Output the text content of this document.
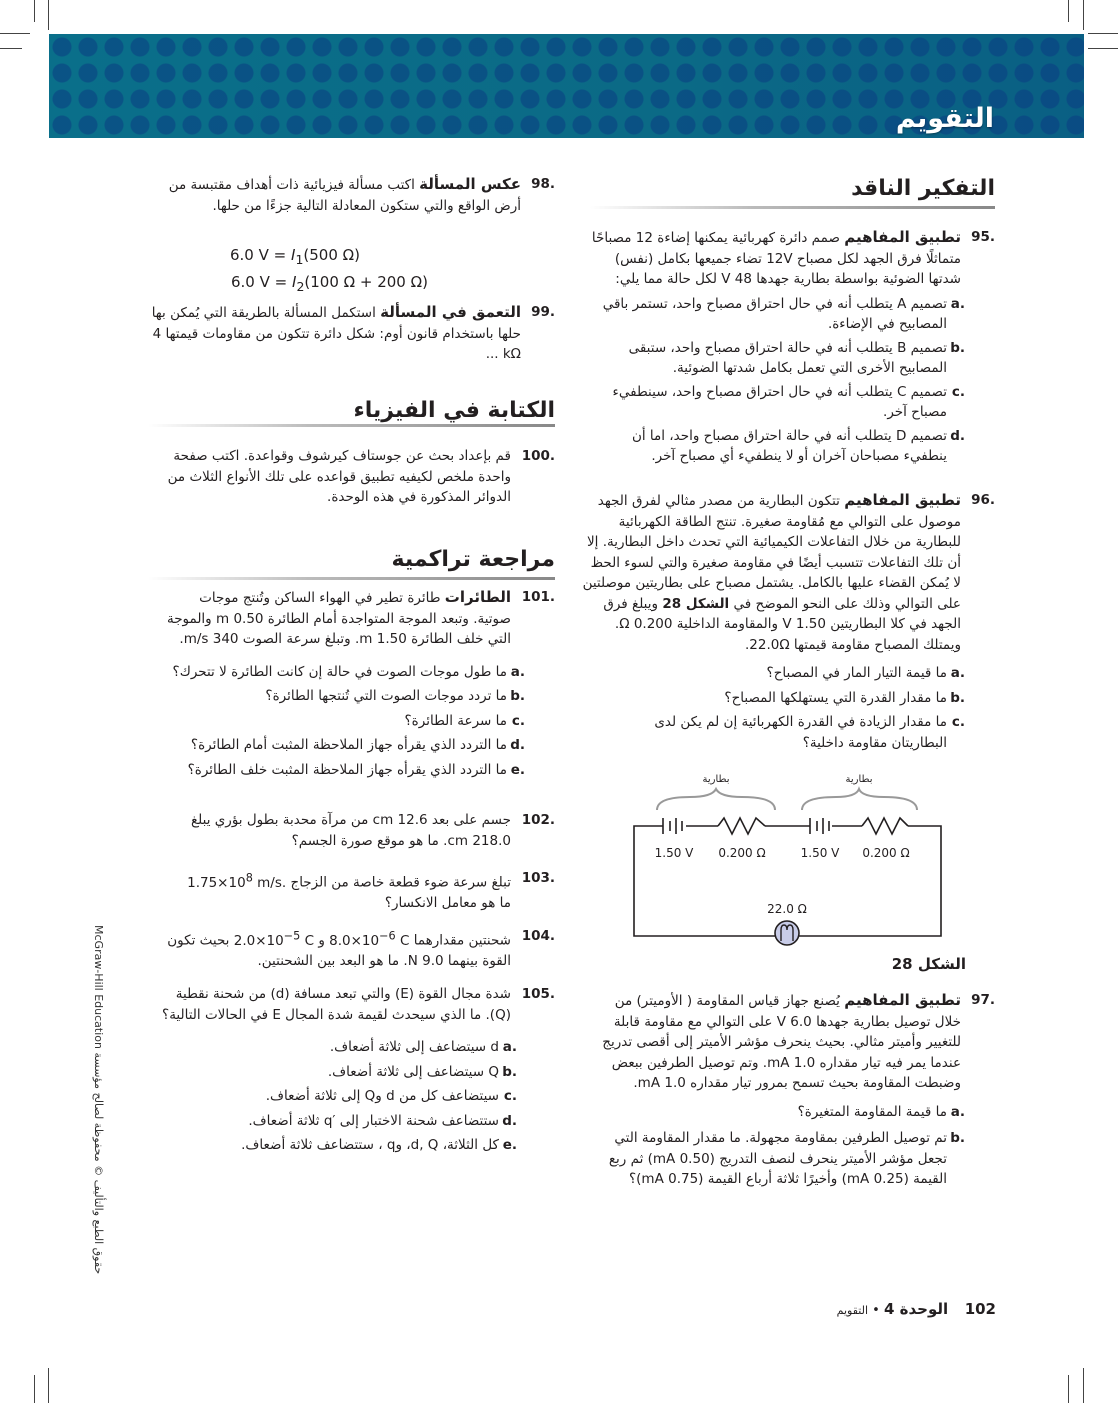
التقويم
التفكير الناقد
95.
تطبيق المفاهيم صمم دائرة كهربائية يمكنها إضاءة 12 مصباحًا متماثلًا فرق الجهد لكل مصباح 12V تضاء جميعها بكامل (نفس) شدتها الضوئية بواسطة بطارية جهدها 48 V لكل حالة مما يلي:
a.
تصميم A يتطلب أنه في حال احتراق مصباح واحد، تستمر باقي المصابيح في الإضاءة.
b.
تصميم B يتطلب أنه في حالة احتراق مصباح واحد، ستبقى المصابيح الأخرى التي تعمل بكامل شدتها الضوئية.
c.
تصميم C يتطلب أنه في حال احتراق مصباح واحد، سينطفيء مصباح آخر.
d.
تصميم D يتطلب أنه في حالة احتراق مصباح واحد، اما أن ينطفيء مصباحان آخران أو لا ينطفيء أي مصباح آخر.
96.
تطبيق المفاهيم تتكون البطارية من مصدر مثالي لفرق الجهد موصول على التوالي مع مُقاومة صغيرة. تنتج الطاقة الكهربائية للبطارية من خلال التفاعلات الكيميائية التي تحدث داخل البطارية. إلا أن تلك التفاعلات تتسبب أيضًا في مقاومة صغيرة والتي لسوء الحظ لا يُمكن القضاء عليها بالكامل. يشتمل مصباح على بطاريتين موصلتين على التوالي وذلك على النحو الموضح في الشكل 28 ويبلغ فرق الجهد في كلا البطاريتين 1.50 V والمقاومة الداخلية 0.200 Ω. ويمتلك المصباح مقاومة قيمتها 22.0Ω.
a.
ما قيمة التيار المار في المصباح؟
b.
ما مقدار القدرة التي يستهلكها المصباح؟
c.
ما مقدار الزيادة في القدرة الكهربائية إن لم يكن لدى البطاريتان مقاومة داخلية؟
بطارية	بطارية
1.50 V 0.200 Ω	1.50 V 0.200 Ω
22.0 Ω
الشكل 28
97.
تطبيق المفاهيم يُصنع جهاز قياس المقاومة ( الأوميتر) من خلال توصيل بطارية جهدها 6.0 V على التوالي مع مقاومة قابلة للتغيير وأميتر مثالي. بحيث ينحرف مؤشر الأميتر إلى أقصى تدريج عندما يمر فيه تيار مقداره 1.0 mA. وتم توصيل الطرفين ببعض وضبطت المقاومة بحيث تسمح بمرور تيار مقداره 1.0 mA.
a.
ما قيمة المقاومة المتغيرة؟
b.
تم توصيل الطرفين بمقاومة مجهولة. ما مقدار المقاومة التي تجعل مؤشر الأميتر ينحرف لنصف التدريج (0.50 mA) ثم ربع القيمة (0.25 mA) وأخيرًا ثلاثة أرباع القيمة (0.75 mA)؟
98.
عكس المسألة اكتب مسألة فيزيائية ذات أهداف مقتبسة من أرض الواقع والتي ستكون المعادلة التالية جزءًا من حلها.
6.0 $V = I_1(500$ Ω)
6.0 $V = I_2(100$ Ω + 200 Ω)
99.
التعمق في المسألة استكمل المسألة بالطريقة التي يُمكن بها حلها باستخدام قانون أوم: شكل دائرة تتكون من مقاومات قيمتها 4 kΩ ...
الكتابة في الفيزياء
100.
قم بإعداد بحث عن جوستاف كيرشوف وقواعدة. اكتب صفحة واحدة ملخص لكيفيه تطبيق قواعده على تلك الأنواع الثلاث من الدوائر المذكورة في هذه الوحدة.
مراجعة تراكمية
101.
الطائرات طائرة تطير في الهواء الساكن وتُنتج موجات صوتية. وتبعد الموجة المتواجدة أمام الطائرة 0.50 m والموجة التي خلف الطائرة 1.50 m. وتبلغ سرعة الصوت 340 m/s.
a.
ما طول موجات الصوت في حالة إن كانت الطائرة لا تتحرك؟
b.
ما تردد موجات الصوت التي تُنتجها الطائرة؟
c.
ما سرعة الطائرة؟
d.
ما التردد الذي يقرأه جهاز الملاحظة المثبت أمام الطائرة؟
e.
ما التردد الذي يقرأه جهاز الملاحظة المثبت خلف الطائرة؟
102.
جسم على بعد 12.6 cm من مرآة محدبة بطول بؤري يبلغ 218.0 cm. ما هو موقع صورة الجسم؟
103.
تبلغ سرعة ضوء قطعة خاصة من الزجاج $1.75\times 10^8$ m/s.
ما هو معامل الانكسار؟
104.
شحنتين مقدارهما $8.0\times 10^{-6}$ C و $2.0\times 10^{-5}$ C بحيث تكون القوة بينهما 9.0 N. ما هو البعد بين الشحنتين.
105.
شدة مجال القوة (E) والتي تبعد مسافة (d) من شحنة نقطية (Q). ما الذي سيحدث لقيمة شدة المجال E في الحالات التالية؟
a.
d سيتضاعف إلى ثلاثة أضعاف.
b.
Q سيتضاعف إلى ثلاثة أضعاف.
c.
سيتضاعف كل من d وQ إلى ثلاثة أضعاف.
d.
ستتضاعف شحنة الاختبار إلى ′q ثلاثة أضعاف.
e.
كل الثلاثة، d, Q، وq ، ستتضاعف ثلاثة أضعاف.
McGraw-Hill Education حقوق الطبع والتأليف © محفوظة لصالح مؤسسة
102    الوحدة 4 • التقويم
